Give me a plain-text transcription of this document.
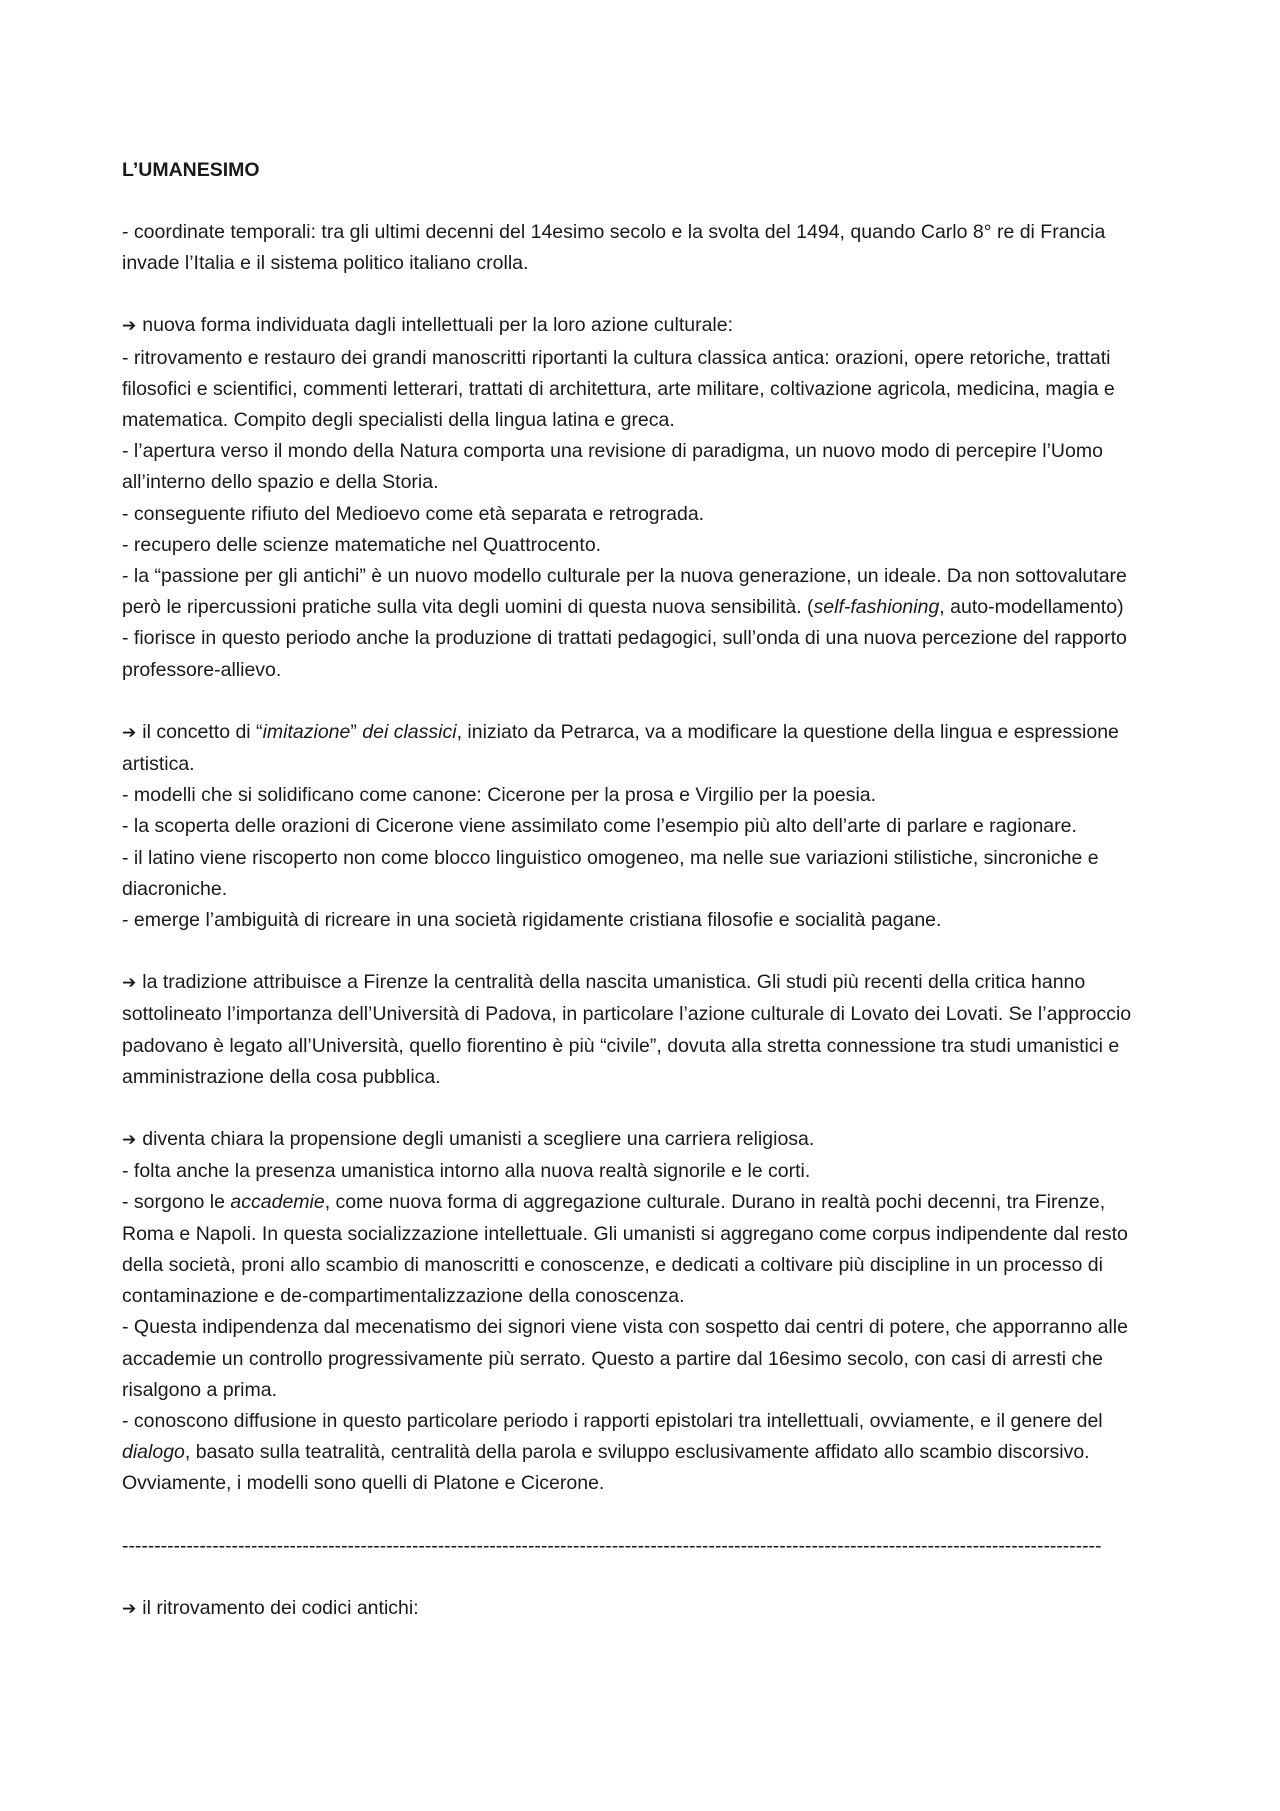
L’UMANESIMO
- coordinate temporali: tra gli ultimi decenni del 14esimo secolo e la svolta del 1494, quando Carlo 8° re di Francia invade l’Italia e il sistema politico italiano crolla.
➔ nuova forma individuata dagli intellettuali per la loro azione culturale:
- ritrovamento e restauro dei grandi manoscritti riportanti la cultura classica antica: orazioni, opere retoriche, trattati filosofici e scientifici, commenti letterari, trattati di architettura, arte militare, coltivazione agricola, medicina, magia e matematica. Compito degli specialisti della lingua latina e greca.
- l’apertura verso il mondo della Natura comporta una revisione di paradigma, un nuovo modo di percepire l’Uomo all’interno dello spazio e della Storia.
- conseguente rifiuto del Medioevo come età separata e retrograda.
- recupero delle scienze matematiche nel Quattrocento.
- la “passione per gli antichi” è un nuovo modello culturale per la nuova generazione, un ideale. Da non sottovalutare però le ripercussioni pratiche sulla vita degli uomini di questa nuova sensibilità. (self-fashioning, auto-modellamento)
- fiorisce in questo periodo anche la produzione di trattati pedagogici, sull’onda di una nuova percezione del rapporto professore-allievo.
➔ il concetto di “imitazione” dei classici, iniziato da Petrarca, va a modificare la questione della lingua e espressione artistica.
- modelli che si solidificano come canone: Cicerone per la prosa e Virgilio per la poesia.
- la scoperta delle orazioni di Cicerone viene assimilato come l’esempio più alto dell’arte di parlare e ragionare.
- il latino viene riscoperto non come blocco linguistico omogeneo, ma nelle sue variazioni stilistiche, sincroniche e diacroniche.
- emerge l’ambiguità di ricreare in una società rigidamente cristiana filosofie e socialità pagane.
➔ la tradizione attribuisce a Firenze la centralità della nascita umanistica. Gli studi più recenti della critica hanno sottolineato l’importanza dell’Università di Padova, in particolare l’azione culturale di Lovato dei Lovati. Se l’approccio padovano è legato all’Università, quello fiorentino è più “civile”, dovuta alla stretta connessione tra studi umanistici e amministrazione della cosa pubblica.
➔ diventa chiara la propensione degli umanisti a scegliere una carriera religiosa.
- folta anche la presenza umanistica intorno alla nuova realtà signorile e le corti.
- sorgono le accademie, come nuova forma di aggregazione culturale. Durano in realtà pochi decenni, tra Firenze, Roma e Napoli. In questa socializzazione intellettuale. Gli umanisti si aggregano come corpus indipendente dal resto della società, proni allo scambio di manoscritti e conoscenze, e dedicati a coltivare più discipline in un processo di contaminazione e de-compartimentalizzazione della conoscenza.
- Questa indipendenza dal mecenatismo dei signori viene vista con sospetto dai centri di potere, che apporranno alle accademie un controllo progressivamente più serrato. Questo a partire dal 16esimo secolo, con casi di arresti che risalgono a prima.
- conoscono diffusione in questo particolare periodo i rapporti epistolari tra intellettuali, ovviamente, e il genere del dialogo, basato sulla teatralità, centralità della parola e sviluppo esclusivamente affidato allo scambio discorsivo. Ovviamente, i modelli sono quelli di Platone e Cicerone.
--------------------------------------------------------------------------------------------------------------------------------------------------------
➔ il ritrovamento dei codici antichi:
